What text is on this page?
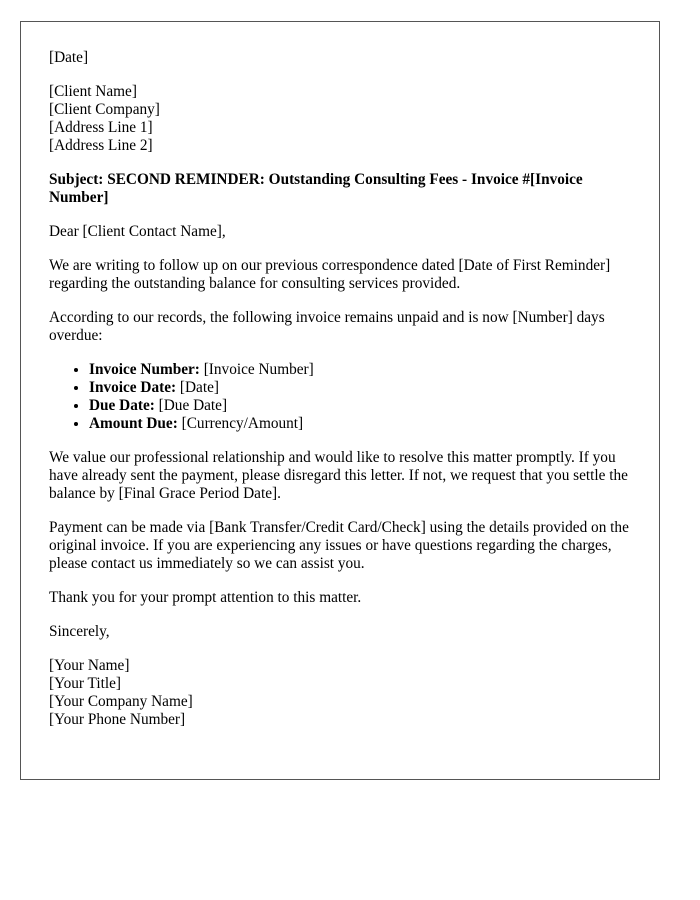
[Date]

[Client Name]
[Client Company]
[Address Line 1]
[Address Line 2]

Subject: SECOND REMINDER: Outstanding Consulting Fees - Invoice #[Invoice Number]

Dear [Client Contact Name],

We are writing to follow up on our previous correspondence dated [Date of First Reminder] regarding the outstanding balance for consulting services provided.

According to our records, the following invoice remains unpaid and is now [Number] days overdue:

• Invoice Number: [Invoice Number]
• Invoice Date: [Date]
• Due Date: [Due Date]
• Amount Due: [Currency/Amount]

We value our professional relationship and would like to resolve this matter promptly. If you have already sent the payment, please disregard this letter. If not, we request that you settle the balance by [Final Grace Period Date].

Payment can be made via [Bank Transfer/Credit Card/Check] using the details provided on the original invoice. If you are experiencing any issues or have questions regarding the charges, please contact us immediately so we can assist you.

Thank you for your prompt attention to this matter.

Sincerely,

[Your Name]
[Your Title]
[Your Company Name]
[Your Phone Number]
